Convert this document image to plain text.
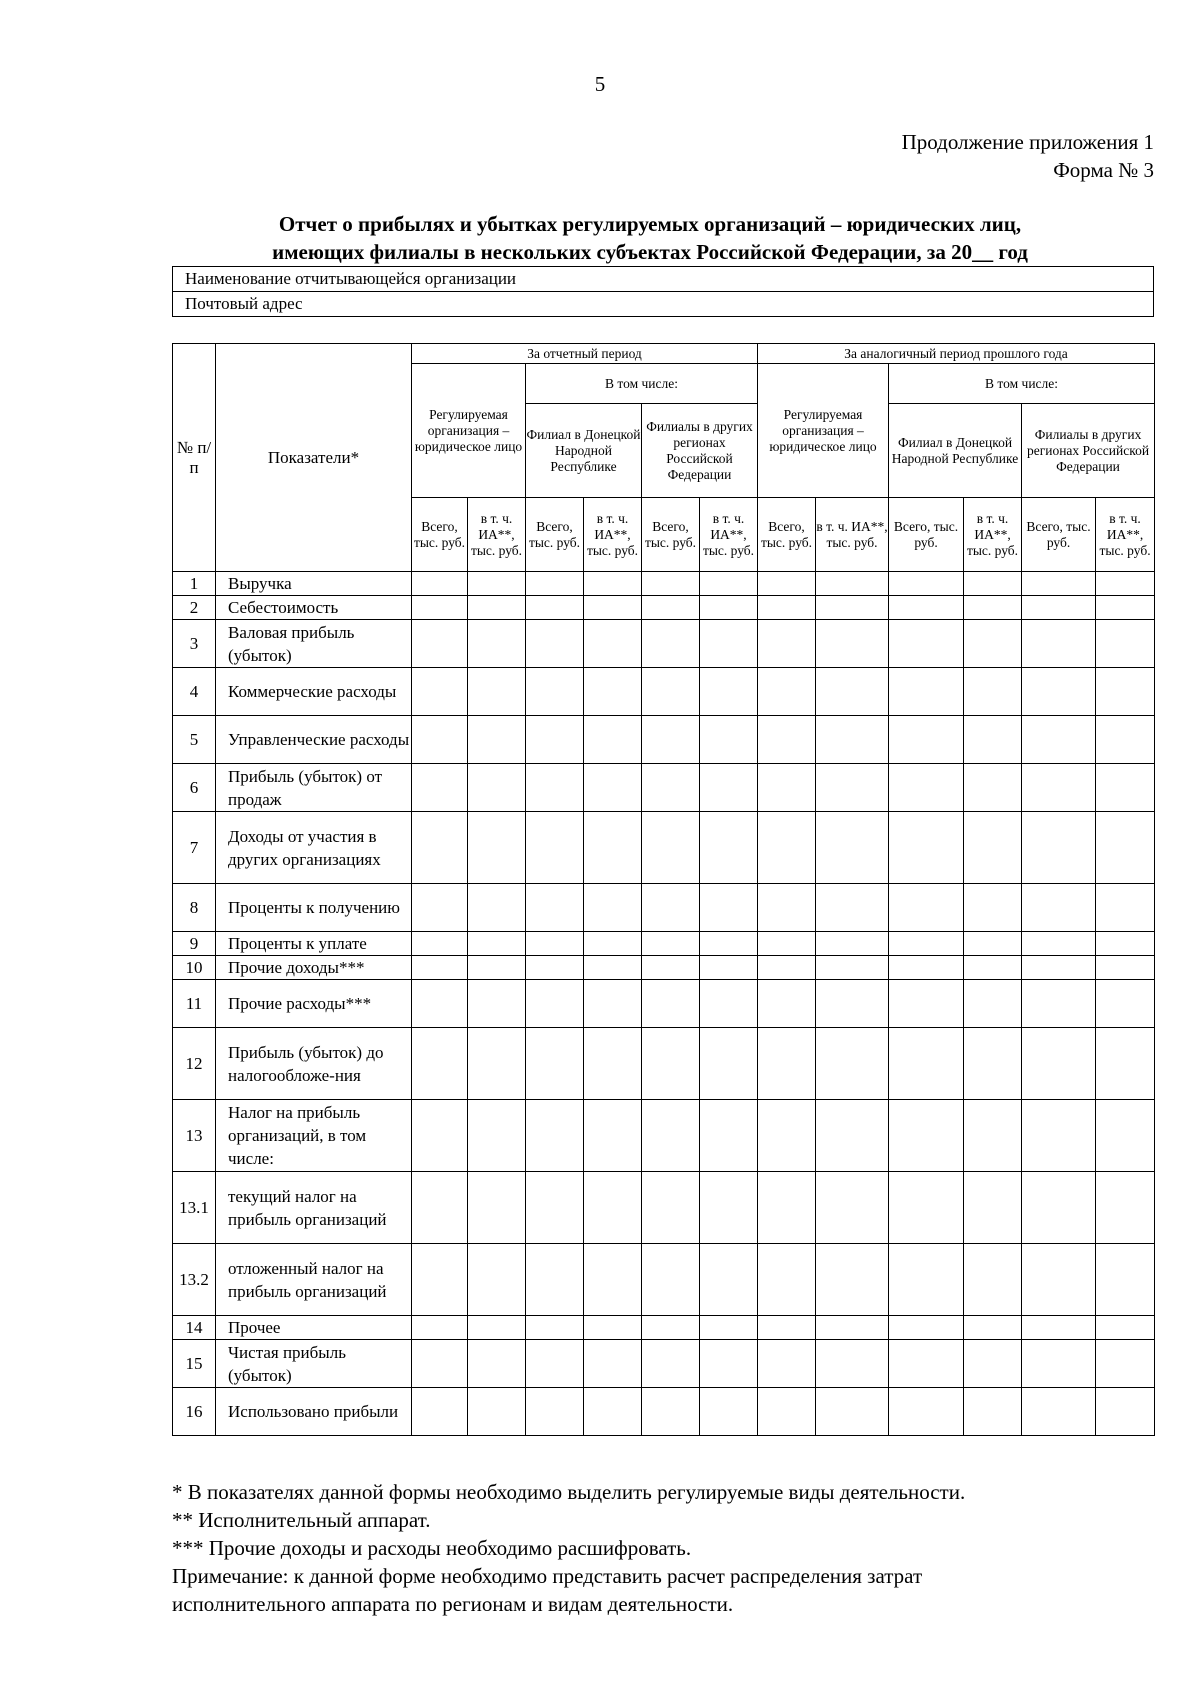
5
Продолжение приложения 1
Форма № 3
Отчет о прибылях и убытках регулируемых организаций – юридических лиц,
имеющих филиалы в нескольких субъектах Российской Федерации, за 20__ год
Наименование отчитывающейся организации
Почтовый адрес
№ п/п	Показатели*	За отчетный период						За аналогичный период прошлого года					
		Регулируемая организация – юридическое лицо		В том числе:				Регулируемая организация – юридическое лицо		В том числе:			
				Филиал в Донецкой Народной Республике		Филиалы в других регионах Российской Федерации				Филиал в Донецкой Народной Республике		Филиалы в других регионах Российской Федерации	
		Всего, тыс. руб.	в т. ч. ИА**, тыс. руб.	Всего, тыс. руб.	в т. ч. ИА**, тыс. руб.	Всего, тыс. руб.	в т. ч. ИА**, тыс. руб.	Всего, тыс. руб.	в т. ч. ИА**, тыс. руб.	Всего, тыс. руб.	в т. ч. ИА**, тыс. руб.	Всего, тыс. руб.	в т. ч. ИА**, тыс. руб.
1	Выручка												
2	Себестоимость												
3	Валовая прибыль (убыток)												
4	Коммерческие расходы												
5	Управленческие расходы												
6	Прибыль (убыток) от продаж												
7	Доходы от участия в других организациях												
8	Проценты к получению												
9	Проценты к уплате												
10	Прочие доходы***												
11	Прочие расходы***												
12	Прибыль (убыток) до налогообложе-ния												
13	Налог на прибыль организаций, в том числе:												
13.1	текущий налог на прибыль организаций												
13.2	отложенный налог на прибыль организаций												
14	Прочее												
15	Чистая прибыль (убыток)												
16	Использовано прибыли												
* В показателях данной формы необходимо выделить регулируемые виды деятельности.
** Исполнительный аппарат.
*** Прочие доходы и расходы необходимо расшифровать.
Примечание: к данной форме необходимо представить расчет распределения затрат
исполнительного аппарата по регионам и видам деятельности.
